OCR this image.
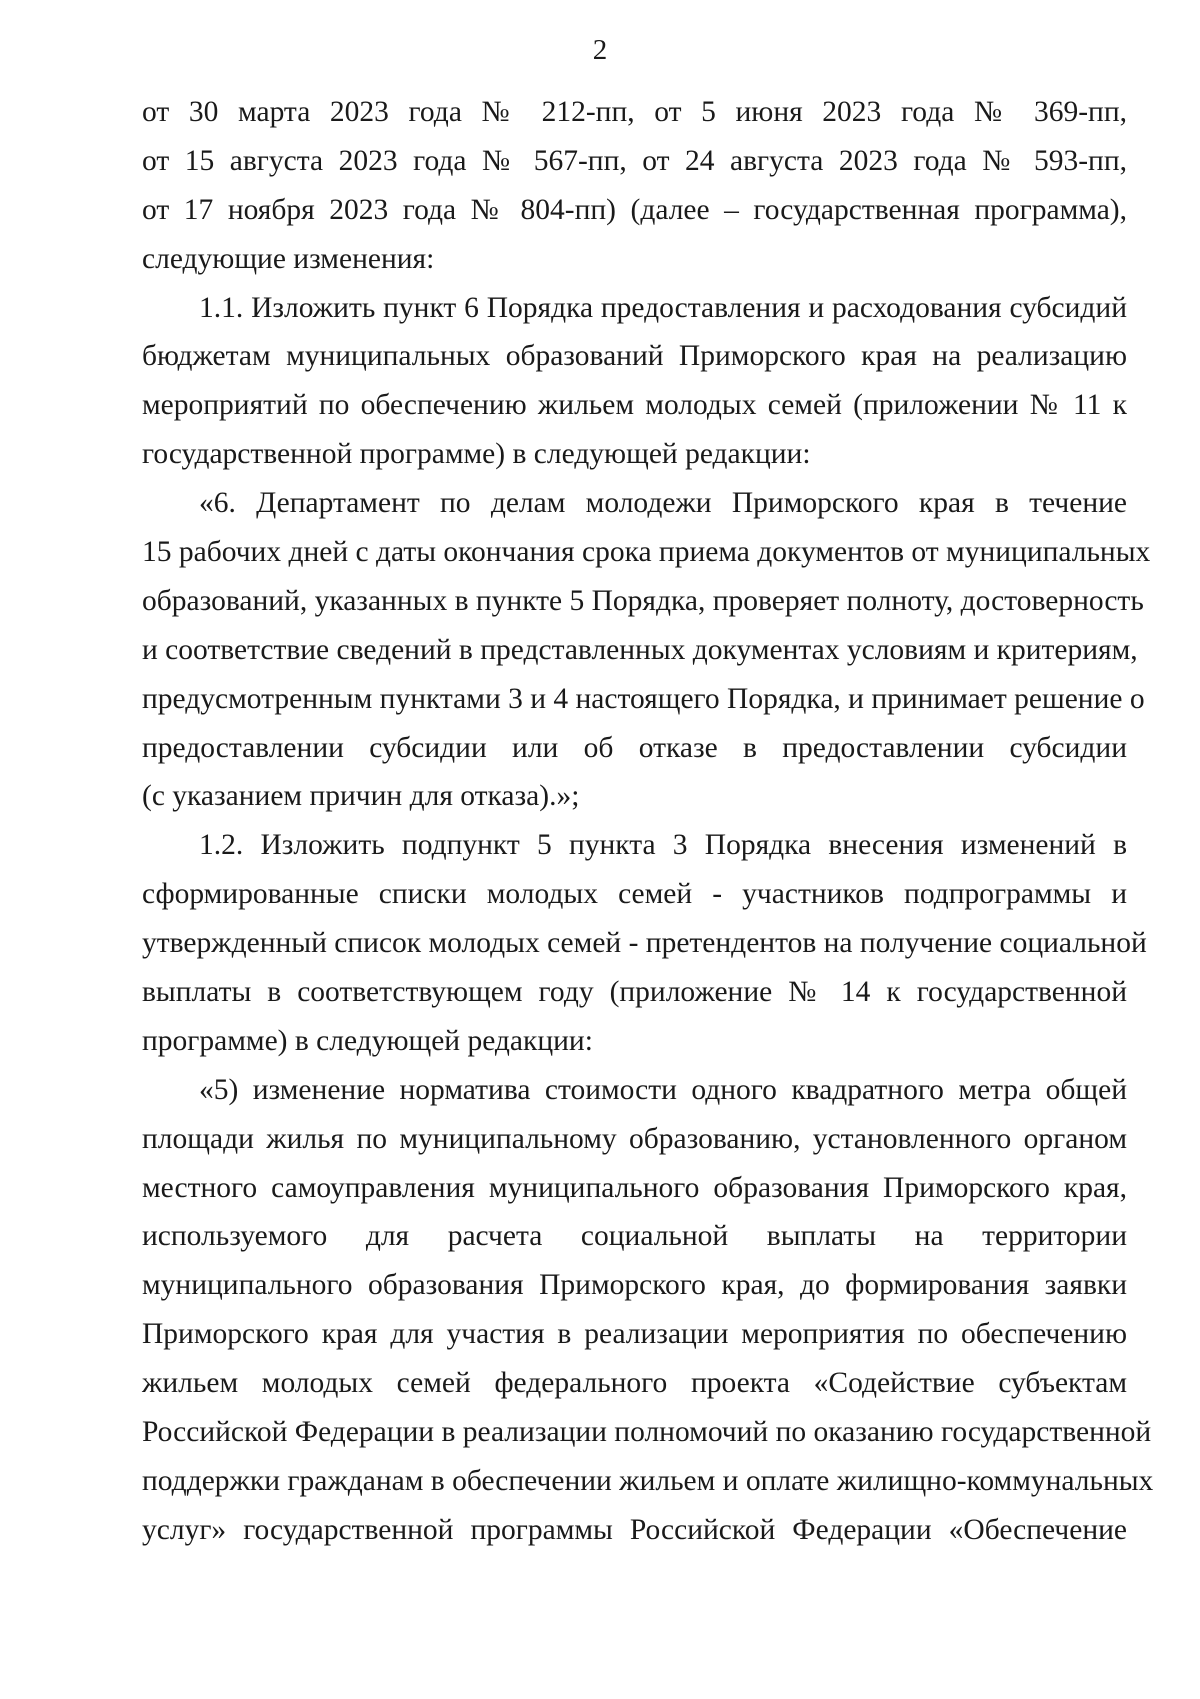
2
от 30 марта 2023 года № 212-пп, от 5 июня 2023 года № 369-пп,
от 15 августа 2023 года № 567-пп, от 24 августа 2023 года № 593-пп,
от 17 ноября 2023 года № 804-пп) (далее – государственная программа),
следующие изменения:
1.1. Изложить пункт 6 Порядка предоставления и расходования субсидий
бюджетам муниципальных образований Приморского края на реализацию
мероприятий по обеспечению жильем молодых семей (приложении № 11 к
государственной программе) в следующей редакции:
«6. Департамент по делам молодежи Приморского края в течение
15 рабочих дней с даты окончания срока приема документов от муниципальных
образований, указанных в пункте 5 Порядка, проверяет полноту, достоверность
и соответствие сведений в представленных документах условиям и критериям,
предусмотренным пунктами 3 и 4 настоящего Порядка, и принимает решение о
предоставлении субсидии или об отказе в предоставлении субсидии
(с указанием причин для отказа).»;
1.2. Изложить подпункт 5 пункта 3 Порядка внесения изменений в
сформированные списки молодых семей - участников подпрограммы и
утвержденный список молодых семей - претендентов на получение социальной
выплаты в соответствующем году (приложение № 14 к государственной
программе) в следующей редакции:
«5) изменение норматива стоимости одного квадратного метра общей
площади жилья по муниципальному образованию, установленного органом
местного самоуправления муниципального образования Приморского края,
используемого для расчета социальной выплаты на территории
муниципального образования Приморского края, до формирования заявки
Приморского края для участия в реализации мероприятия по обеспечению
жильем молодых семей федерального проекта «Содействие субъектам
Российской Федерации в реализации полномочий по оказанию государственной
поддержки гражданам в обеспечении жильем и оплате жилищно-коммунальных
услуг» государственной программы Российской Федерации «Обеспечение
